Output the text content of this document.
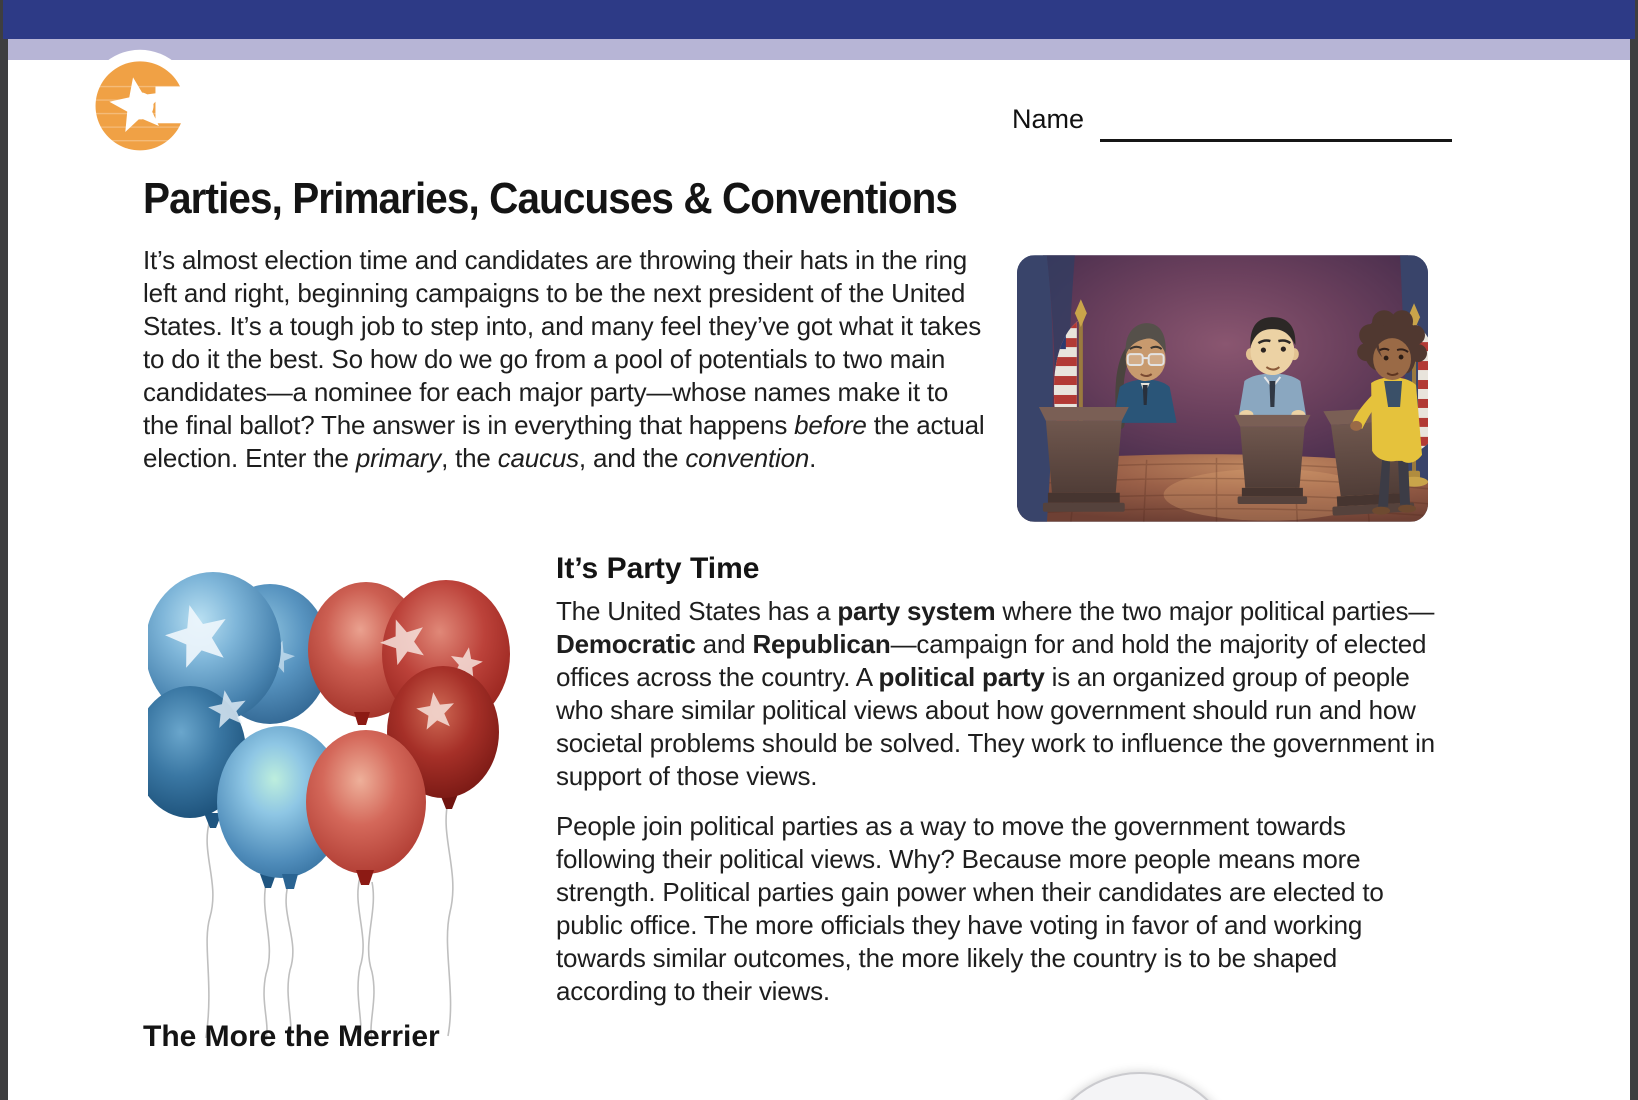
Name
Parties, Primaries, Caucuses & Conventions
It’s almost election time and candidates are throwing their hats in the ring left and right, beginning campaigns to be the next president of the United States. It’s a tough job to step into, and many feel they’ve got what it takes to do it the best. So how do we go from a pool of potentials to two main candidates—a nominee for each major party—whose names make it to the final ballot? The answer is in everything that happens before the actual election. Enter the primary, the caucus, and the convention.
It’s Party Time

The United States has a party system where the two major political parties—Democratic and Republican—campaign for and hold the majority of elected offices across the country. A political party is an organized group of people who share similar political views about how government should run and how societal problems should be solved. They work to influence the government in support of those views.

People join political parties as a way to move the government towards following their political views. Why? Because more people means more strength. Political parties gain power when their candidates are elected to public office. The more officials they have voting in favor of and working towards similar outcomes, the more likely the country is to be shaped according to their views.

The More the Merrier
